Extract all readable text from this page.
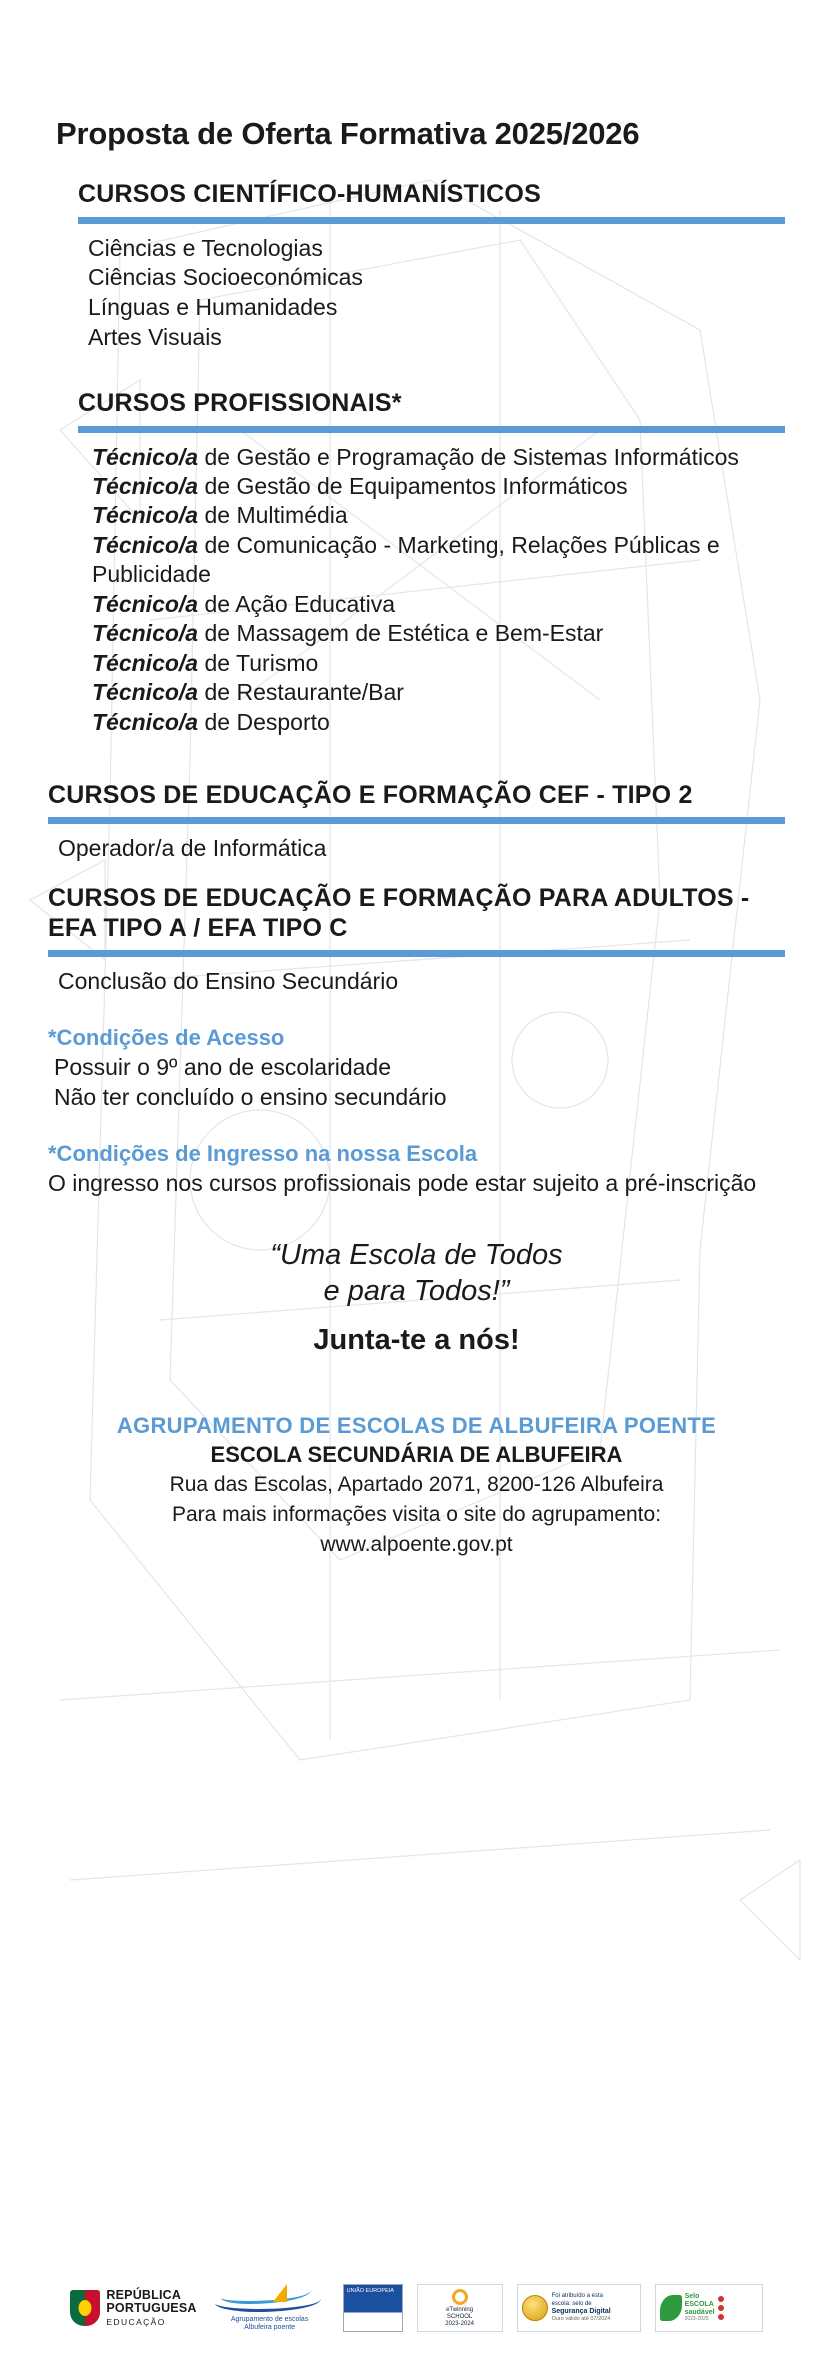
Proposta de Oferta Formativa 2025/2026
CURSOS CIENTÍFICO-HUMANÍSTICOS
Ciências e Tecnologias
Ciências Socioeconómicas
Línguas e Humanidades
Artes Visuais
CURSOS PROFISSIONAIS*
Técnico/a de Gestão e Programação de Sistemas Informáticos
Técnico/a de Gestão de Equipamentos Informáticos
Técnico/a de Multimédia
Técnico/a de Comunicação - Marketing, Relações Públicas e Publicidade
Técnico/a de Ação Educativa
Técnico/a de Massagem de Estética e Bem-Estar
Técnico/a de Turismo
Técnico/a de Restaurante/Bar
Técnico/a de Desporto
CURSOS DE EDUCAÇÃO E FORMAÇÃO CEF - TIPO 2
Operador/a de Informática
CURSOS DE EDUCAÇÃO E FORMAÇÃO PARA ADULTOS - EFA TIPO A / EFA TIPO C
Conclusão do Ensino Secundário
*Condições de Acesso
Possuir o 9º ano de escolaridade
Não ter concluído o ensino secundário
*Condições de Ingresso na nossa Escola
O ingresso nos cursos profissionais pode estar sujeito a pré-inscrição
“Uma Escola de Todos
e para Todos!”
Junta-te a nós!
AGRUPAMENTO DE ESCOLAS DE ALBUFEIRA POENTE
ESCOLA SECUNDÁRIA DE ALBUFEIRA
Rua das Escolas, Apartado 2071, 8200-126 Albufeira
Para mais informações visita o site do agrupamento:
www.alpoente.gov.pt
REPÚBLICA
PORTUGUESA
EDUCAÇÃO	Agrupamento de escolas
Albufeira poente
UNIÃO EUROPEIA
eTwinning
SCHOOL
2023-2024
Foi atribuído a esta
escola: selo de
Segurança Digital
Ouro válido até 07/2024
Selo
ESCOLA
saudável
2023-2025
